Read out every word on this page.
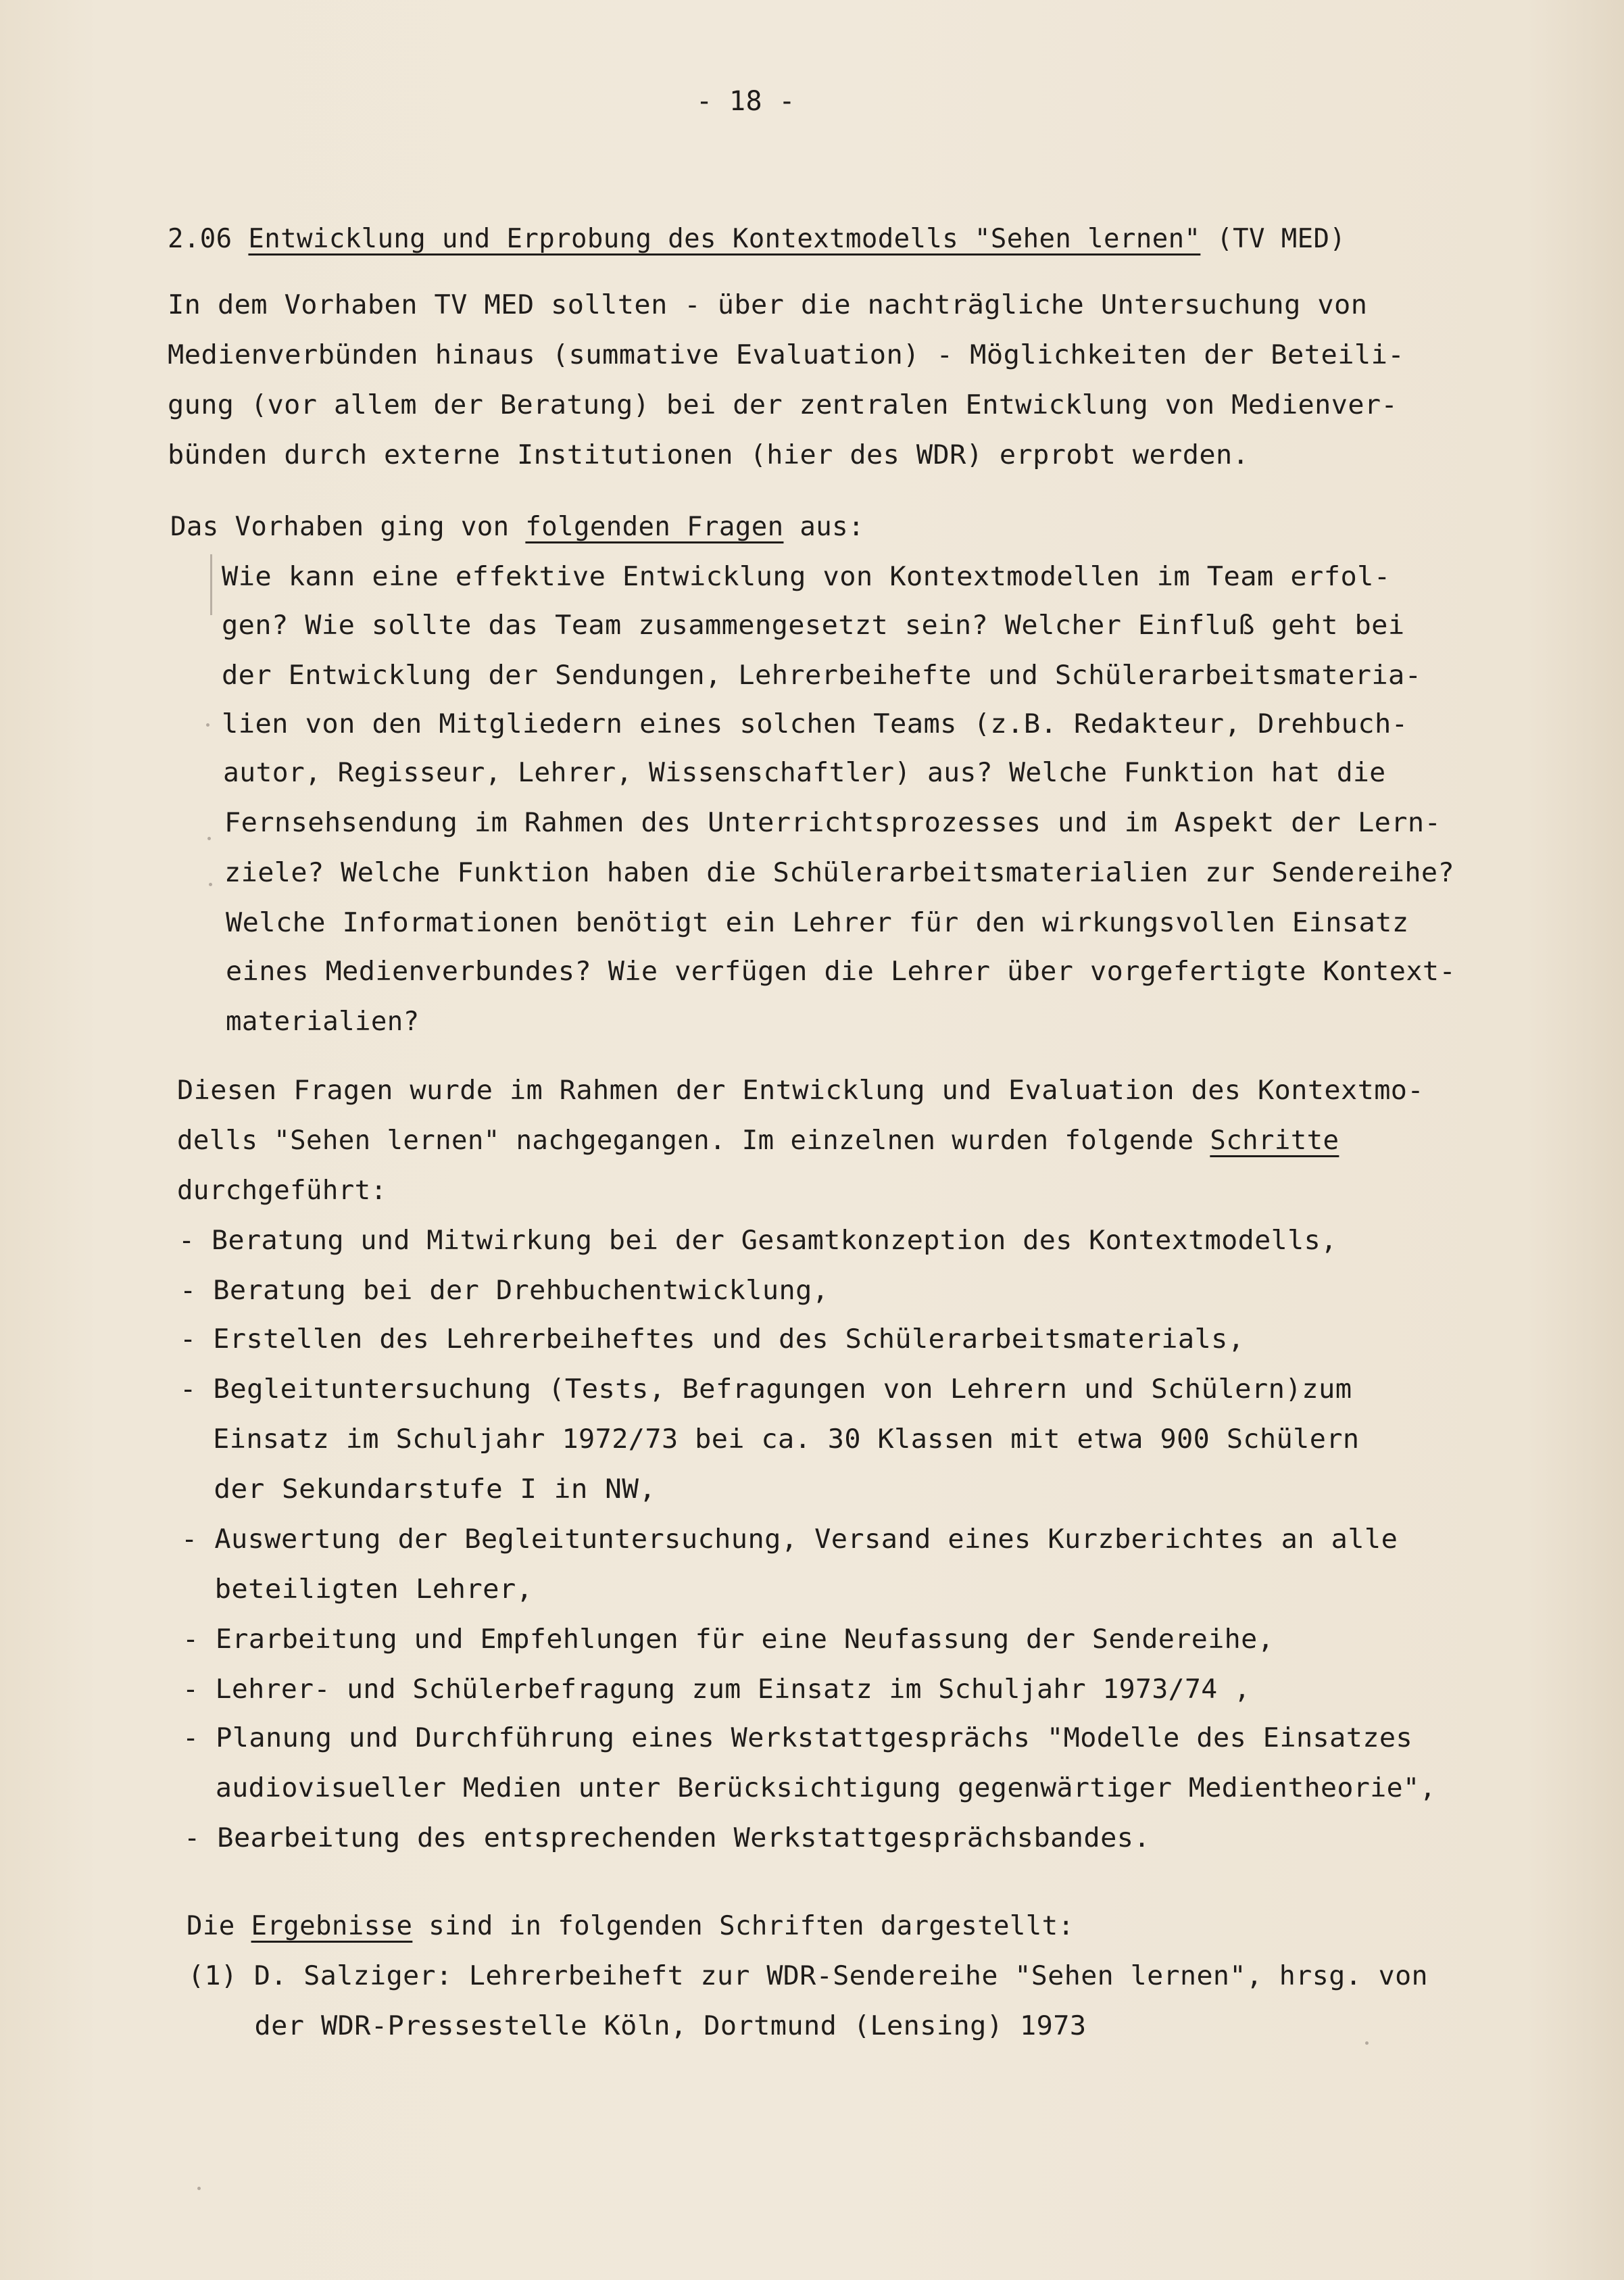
- 18 -
2.06 Entwicklung und Erprobung des Kontextmodells "Sehen lernen" (TV MED)
In dem Vorhaben TV MED sollten - über die nachträgliche Untersuchung von
Medienverbünden hinaus (summative Evaluation) - Möglichkeiten der Beteili-
gung (vor allem der Beratung) bei der zentralen Entwicklung von Medienver-
bünden durch externe Institutionen (hier des WDR) erprobt werden.
Das Vorhaben ging von folgenden Fragen aus:
Wie kann eine effektive Entwicklung von Kontextmodellen im Team erfol-
gen? Wie sollte das Team zusammengesetzt sein? Welcher Einfluß geht bei
der Entwicklung der Sendungen, Lehrerbeihefte und Schülerarbeitsmateria-
lien von den Mitgliedern eines solchen Teams (z.B. Redakteur, Drehbuch-
autor, Regisseur, Lehrer, Wissenschaftler) aus? Welche Funktion hat die
Fernsehsendung im Rahmen des Unterrichtsprozesses und im Aspekt der Lern-
ziele? Welche Funktion haben die Schülerarbeitsmaterialien zur Sendereihe?
Welche Informationen benötigt ein Lehrer für den wirkungsvollen Einsatz
eines Medienverbundes? Wie verfügen die Lehrer über vorgefertigte Kontext-
materialien?
Diesen Fragen wurde im Rahmen der Entwicklung und Evaluation des Kontextmo-
dells "Sehen lernen" nachgegangen. Im einzelnen wurden folgende Schritte
durchgeführt:
- Beratung und Mitwirkung bei der Gesamtkonzeption des Kontextmodells,
- Beratung bei der Drehbuchentwicklung,
- Erstellen des Lehrerbeiheftes und des Schülerarbeitsmaterials,
- Begleituntersuchung (Tests, Befragungen von Lehrern und Schülern)zum
Einsatz im Schuljahr 1972/73 bei ca. 30 Klassen mit etwa 900 Schülern
der Sekundarstufe I in NW,
- Auswertung der Begleituntersuchung, Versand eines Kurzberichtes an alle
beteiligten Lehrer,
- Erarbeitung und Empfehlungen für eine Neufassung der Sendereihe,
- Lehrer- und Schülerbefragung zum Einsatz im Schuljahr 1973/74 ,
- Planung und Durchführung eines Werkstattgesprächs "Modelle des Einsatzes
audiovisueller Medien unter Berücksichtigung gegenwärtiger Medientheorie",
- Bearbeitung des entsprechenden Werkstattgesprächsbandes.
Die Ergebnisse sind in folgenden Schriften dargestellt:
(1) D. Salziger: Lehrerbeiheft zur WDR-Sendereihe "Sehen lernen", hrsg. von
der WDR-Pressestelle Köln, Dortmund (Lensing) 1973
